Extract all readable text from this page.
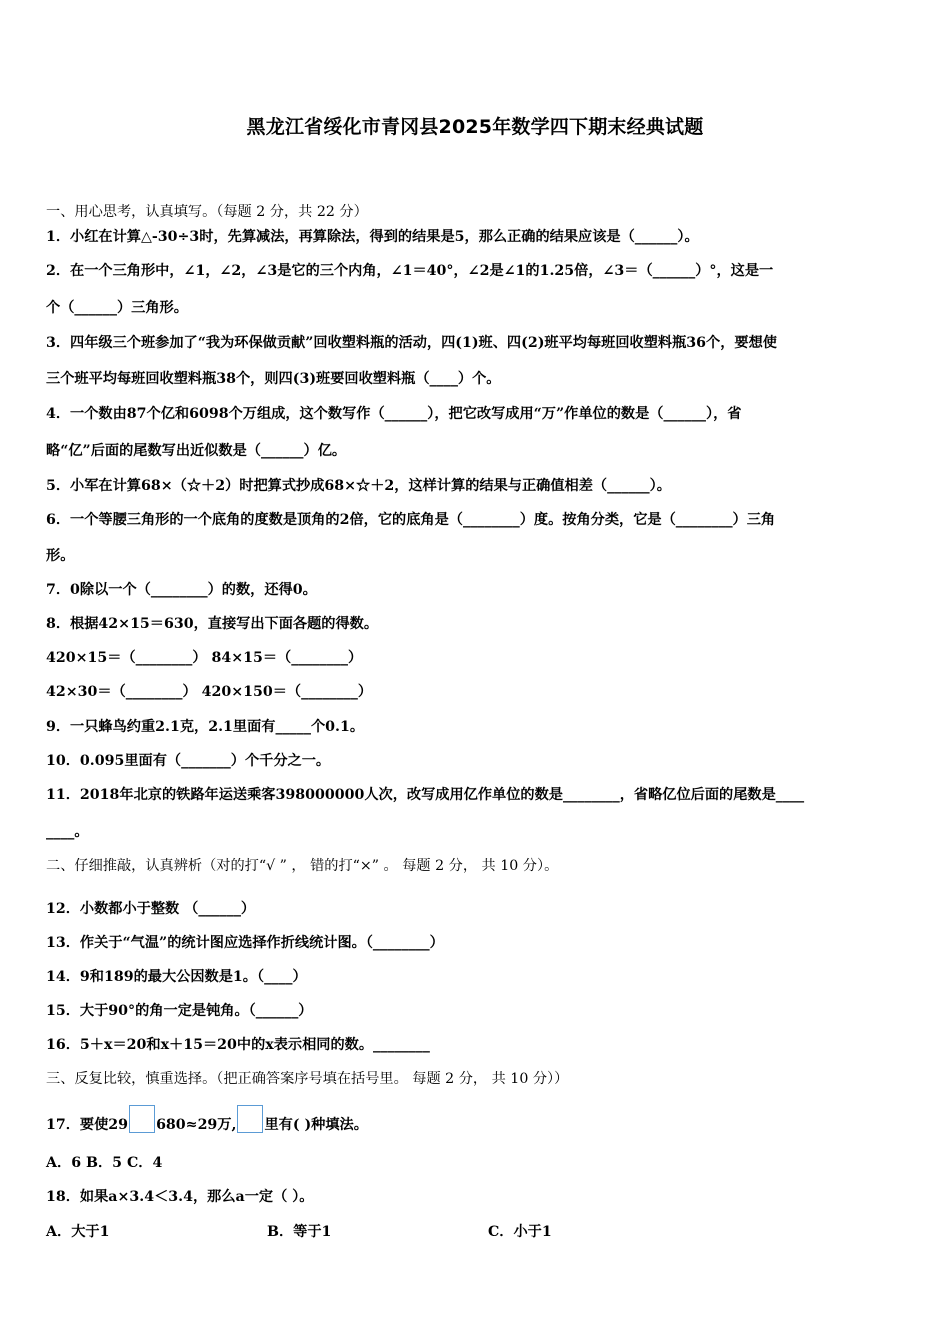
黑龙江省绥化市青冈县2025年数学四下期末经典试题
一、用心思考，认真填写。（每题 2 分，共 22 分）
1．小红在计算△-30÷3时，先算减法，再算除法，得到的结果是5，那么正确的结果应该是（______）。
2．在一个三角形中，∠1，∠2，∠3是它的三个内角，∠1＝40°，∠2是∠1的1.25倍，∠3＝（______）°，这是一
个（______）三角形。
3．四年级三个班参加了“我为环保做贡献”回收塑料瓶的活动，四(1)班、四(2)班平均每班回收塑料瓶36个，要想使
三个班平均每班回收塑料瓶38个，则四(3)班要回收塑料瓶（____）个。
4．一个数由87个亿和6098个万组成，这个数写作（______），把它改写成用“万”作单位的数是（______），省
略“亿”后面的尾数写出近似数是（______）亿。
5．小军在计算68×（☆＋2）时把算式抄成68×☆＋2，这样计算的结果与正确值相差（______）。
6．一个等腰三角形的一个底角的度数是顶角的2倍，它的底角是（________）度。按角分类，它是（________）三角
形。
7．0除以一个（________）的数，还得0。
8．根据42×15＝630，直接写出下面各题的得数。
420×15＝（________） 84×15＝（________）
42×30＝（________） 420×150＝（________）
9．一只蜂鸟约重2.1克，2.1里面有_____个0.1。
10．0.095里面有（_______）个千分之一。
11．2018年北京的铁路年运送乘客398000000人次，改写成用亿作单位的数是________，省略亿位后面的尾数是____
____。
二、仔细推敲，认真辨析（对的打“√ ” ， 错的打“×” 。 每题 2 分， 共 10 分）。
12．小数都小于整数 （______）
13．作关于“气温”的统计图应选择作折线统计图。（________）
14．9和189的最大公因数是1。（____）
15．大于90°的角一定是钝角。（______）
16．5＋x＝20和x＋15＝20中的x表示相同的数。________
三、反复比较，慎重选择。（把正确答案序号填在括号里。 每题 2 分， 共 10 分））
17．要使29 680≈29万, 里有( )种填法。
A．6 B．5 C．4
18．如果a×3.4＜3.4，那么a一定（ ）。
A．大于1	B．等于1	C．小于1
